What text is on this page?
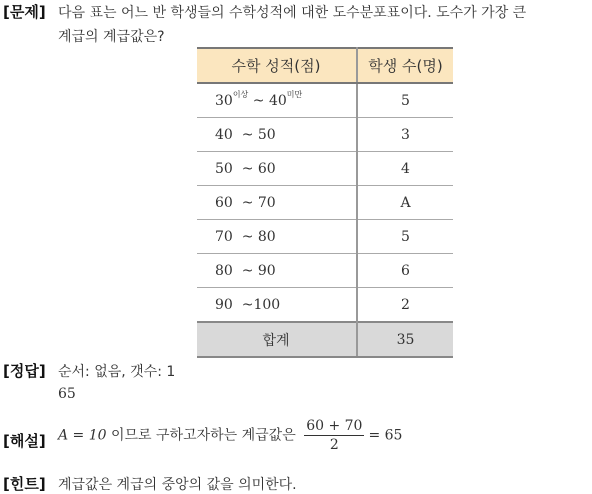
[문제] 다음 표는 어느 반 학생들의 수학성적에 대한 도수분포표이다. 도수가 가장 큰
계급의 계급값은?
수학 성적(점)	학생 수(명)
$30^{이상}$ ~ $40^{미만}$	5
40  ~ 50	3
50  ~ 60	4
60  ~ 70	A
70  ~ 80	5
80  ~ 90	6
90  ~100	2
합계	35
[정답] 순서: 없음, 갯수: 1
65
[해설] A = 10 이므로 구하고자하는 계급값은 $\frac{60 + 70}{2} = 65$
[힌트] 계급값은 계급의 중앙의 값을 의미한다.
